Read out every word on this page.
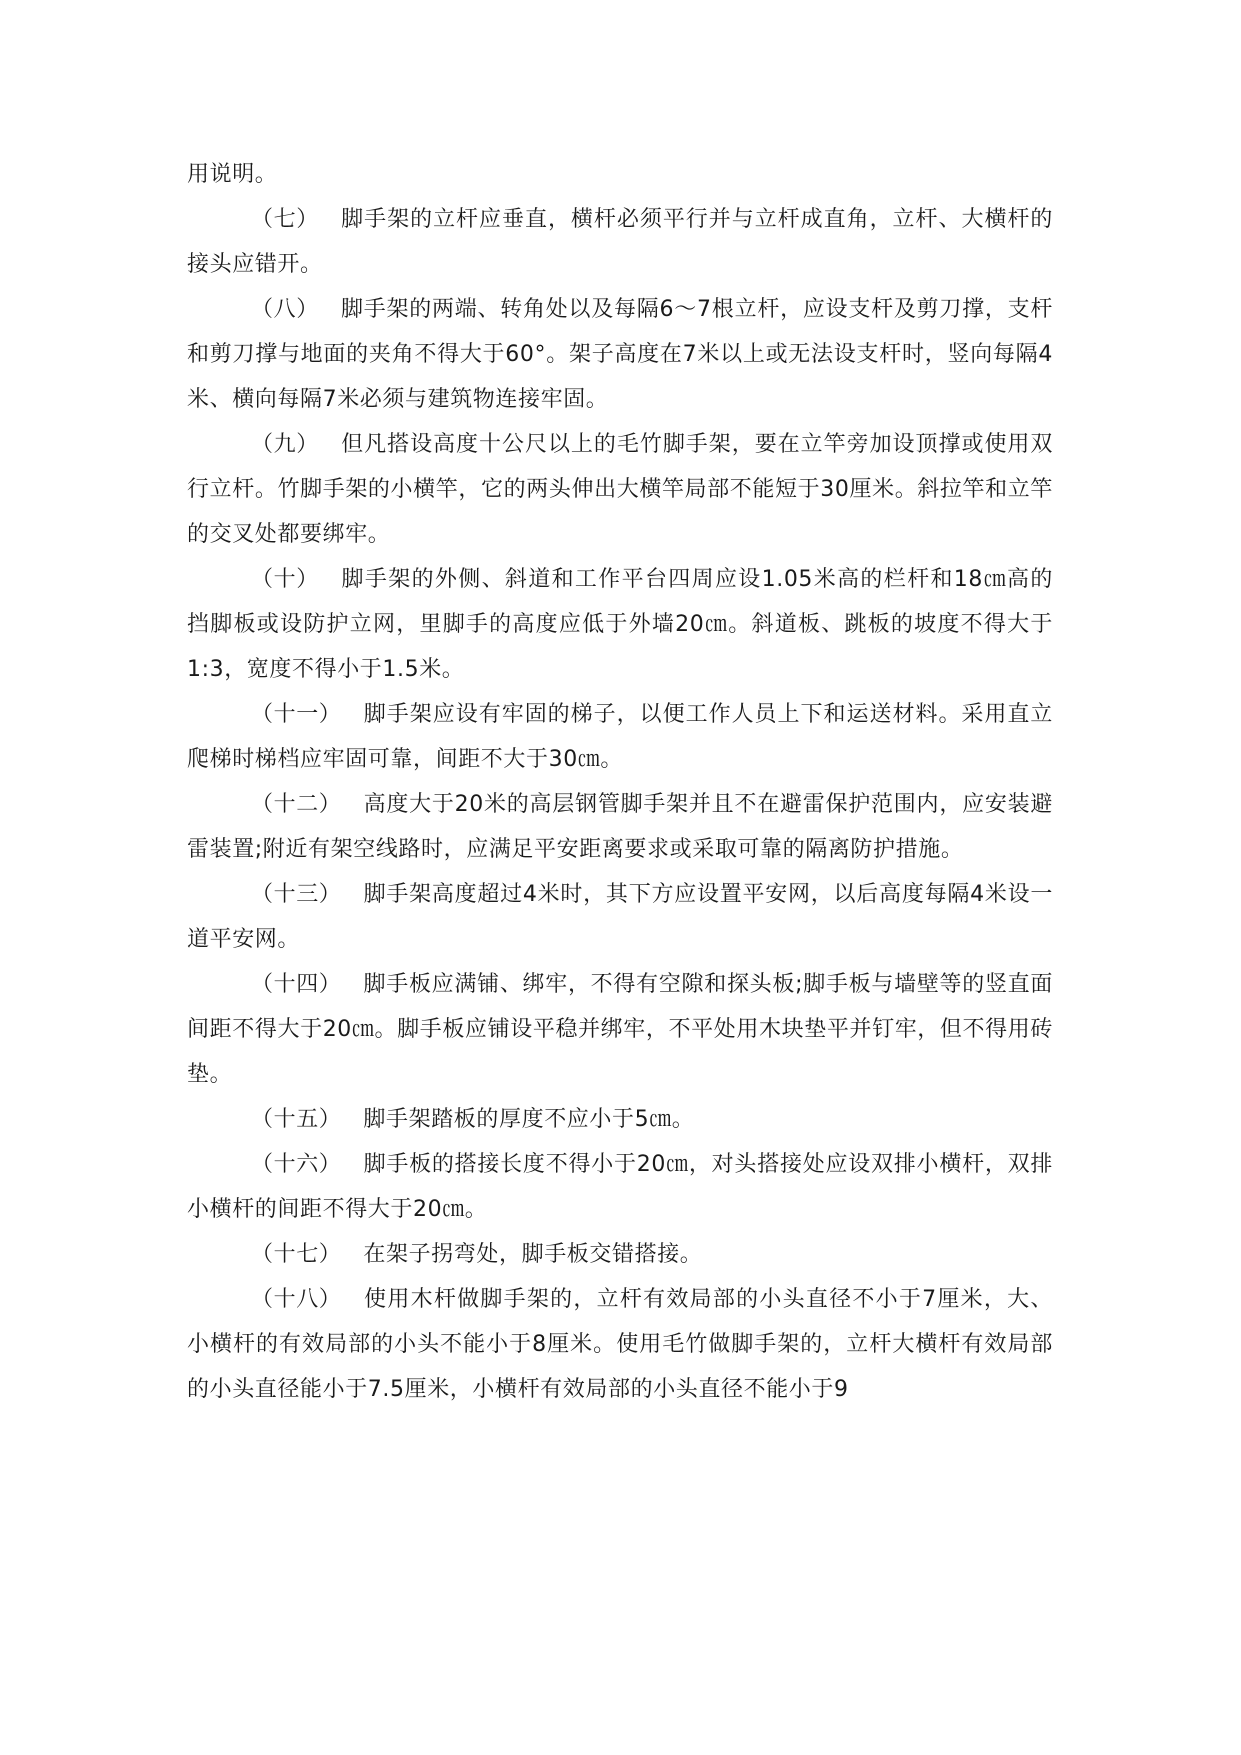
用说明。

（七） 脚手架的立杆应垂直，横杆必须平行并与立杆成直角，立杆、大横杆的接头应错开。

（八） 脚手架的两端、转角处以及每隔6～7根立杆，应设支杆及剪刀撑，支杆和剪刀撑与地面的夹角不得大于60°。架子高度在7米以上或无法设支杆时，竖向每隔4米、横向每隔7米必须与建筑物连接牢固。

（九） 但凡搭设高度十公尺以上的毛竹脚手架，要在立竿旁加设顶撑或使用双行立杆。竹脚手架的小横竿，它的两头伸出大横竿局部不能短于30厘米。斜拉竿和立竿的交叉处都要绑牢。

（十） 脚手架的外侧、斜道和工作平台四周应设1.05米高的栏杆和18㎝高的挡脚板或设防护立网，里脚手的高度应低于外墙20㎝。斜道板、跳板的坡度不得大于1:3，宽度不得小于1.5米。

（十一） 脚手架应设有牢固的梯子，以便工作人员上下和运送材料。采用直立爬梯时梯档应牢固可靠，间距不大于30㎝。

（十二） 高度大于20米的高层钢管脚手架并且不在避雷保护范围内，应安装避雷装置;附近有架空线路时，应满足平安距离要求或采取可靠的隔离防护措施。

（十三） 脚手架高度超过4米时，其下方应设置平安网，以后高度每隔4米设一道平安网。

（十四） 脚手板应满铺、绑牢，不得有空隙和探头板;脚手板与墙壁等的竖直面间距不得大于20㎝。脚手板应铺设平稳并绑牢，不平处用木块垫平并钉牢，但不得用砖垫。

（十五） 脚手架踏板的厚度不应小于5㎝。

（十六） 脚手板的搭接长度不得小于20㎝，对头搭接处应设双排小横杆，双排小横杆的间距不得大于20㎝。

（十七） 在架子拐弯处，脚手板交错搭接。

（十八） 使用木杆做脚手架的，立杆有效局部的小头直径不小于7厘米，大、小横杆的有效局部的小头不能小于8厘米。使用毛竹做脚手架的，立杆大横杆有效局部的小头直径能小于7.5厘米，小横杆有效局部的小头直径不能小于9
